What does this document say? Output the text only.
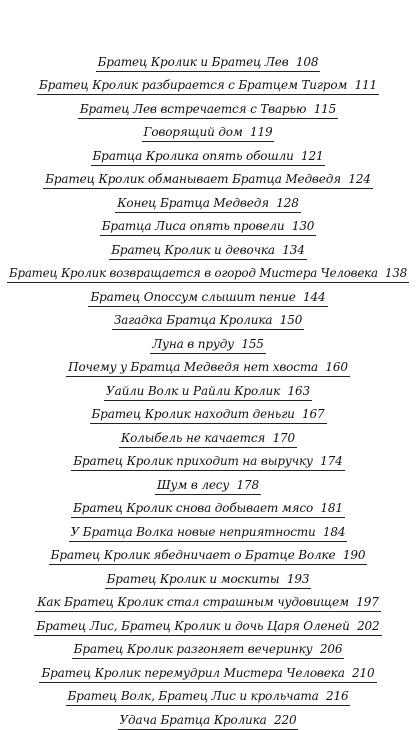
Братец Кролик и Братец Лев 108
Братец Кролик разбирается с Братцем Тигром 111
Братец Лев встречается с Тварью 115
Говорящий дом 119
Братца Кролика опять обошли 121
Братец Кролик обманывает Братца Медведя 124
Конец Братца Медведя 128
Братца Лиса опять провели 130
Братец Кролик и девочка 134
Братец Кролик возвращается в огород Мистера Человека 138
Братец Опоссум слышит пение 144
Загадка Братца Кролика 150
Луна в пруду 155
Почему у Братца Медведя нет хвоста 160
Уайли Волк и Райли Кролик 163
Братец Кролик находит деньги 167
Колыбель не качается 170
Братец Кролик приходит на выручку 174
Шум в лесу 178
Братец Кролик снова добывает мясо 181
У Братца Волка новые неприятности 184
Братец Кролик ябедничает о Братце Волке 190
Братец Кролик и москиты 193
Как Братец Кролик стал страшным чудовищем 197
Братец Лис, Братец Кролик и дочь Царя Оленей 202
Братец Кролик разгоняет вечеринку 206
Братец Кролик перемудрил Мистера Человека 210
Братец Волк, Братец Лис и крольчата 216
Удача Братца Кролика 220
